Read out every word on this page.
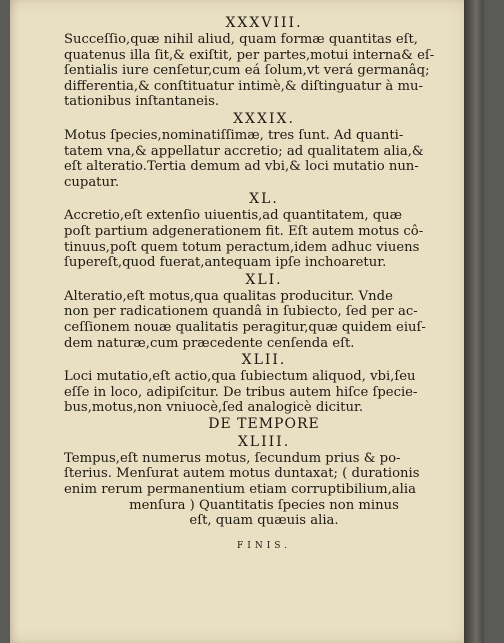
XXXVIII.

Succeſſio,quæ nihil aliud, quam formæ quantitas eſt,
quatenus illa ſit,& exiſtit, per partes,motui interna& eſ-
ſentialis iure cenſetur,cum eá ſolum,vt verá germanâq;
differentia,& conſtituatur intimè,& diſtinguatur à mu-
tationibus inſtantaneis.

XXXIX.

Motus ſpecies,nominatiſſimæ, tres ſunt. Ad quanti-
tatem vna,& appellatur accretio; ad qualitatem alia,&
eſt alteratio.Tertia demum ad vbi,& loci mutatio nun-
cupatur.

XL.

Accretio,eſt extenſio uiuentis,ad quantitatem, quæ
poſt partium adgenerationem fit. Eſt autem motus cô-
tinuus,poſt quem totum peractum,idem adhuc viuens
ſupereſt,quod fuerat,antequam ipſe inchoaretur.

XLI.

Alteratio,eſt motus,qua qualitas producitur. Vnde
non per radicationem quandâ in ſubiecto, ſed per ac-
ceſſionem nouæ qualitatis peragitur,quæ quidem eiuſ-
dem naturæ,cum præcedente cenſenda eſt.

XLII.

Loci mutatio,eſt actio,qua ſubiectum aliquod, vbi,ſeu
eſſe in loco, adipiſcitur. De tribus autem hiſce ſpecie-
bus,motus,non vniuocè,ſed analogicè dicitur.

DE TEMPORE

XLIII.

Tempus,eſt numerus motus, ſecundum prius & po-
ſterius. Menſurat autem motus duntaxat; ( durationis
enim rerum permanentium etiam corruptibilium,alia
menſura ) Quantitatis ſpecies non minus
eſt, quam quæuis alia.

FINIS.
